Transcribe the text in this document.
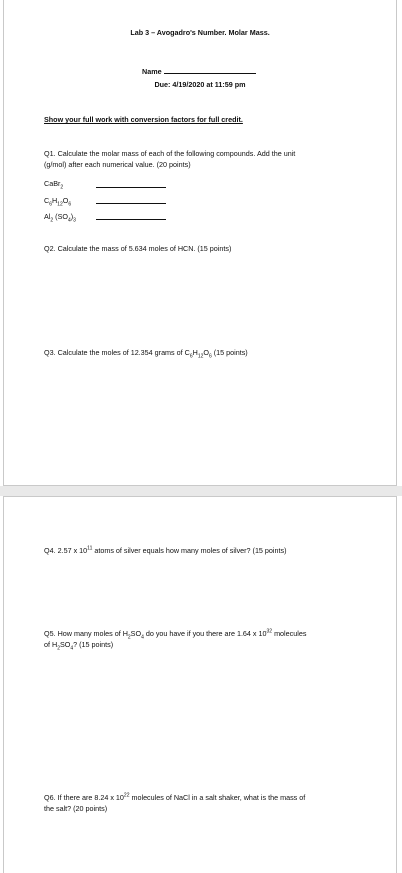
Lab 3 – Avogadro's Number. Molar Mass.
Name
Due: 4/19/2020 at 11:59 pm
Show your full work with conversion factors for full credit.
Q1. Calculate the molar mass of each of the following compounds. Add the unit
(g/mol) after each numerical value. (20 points)
CaBr$_2$
$C_6H_{12}O_6$
$Al_2$ $(SO_4)_3$
Q2. Calculate the mass of 5.634 moles of HCN. (15 points)
Q3. Calculate the moles of 12.354 grams of $C_6H_{12}O_6$ (15 points)
Q4. 2.57 x $10^{11}$ atoms of silver equals how many moles of silver? (15 points)
Q5. How many moles of $H_2SO_4$ do you have if you there are 1.64 x $10^{32}$ molecules
of $H_2SO_4$? (15 points)
Q6. If there are 8.24 x $10^{22}$ molecules of NaCl in a salt shaker, what is the mass of
the salt? (20 points)
